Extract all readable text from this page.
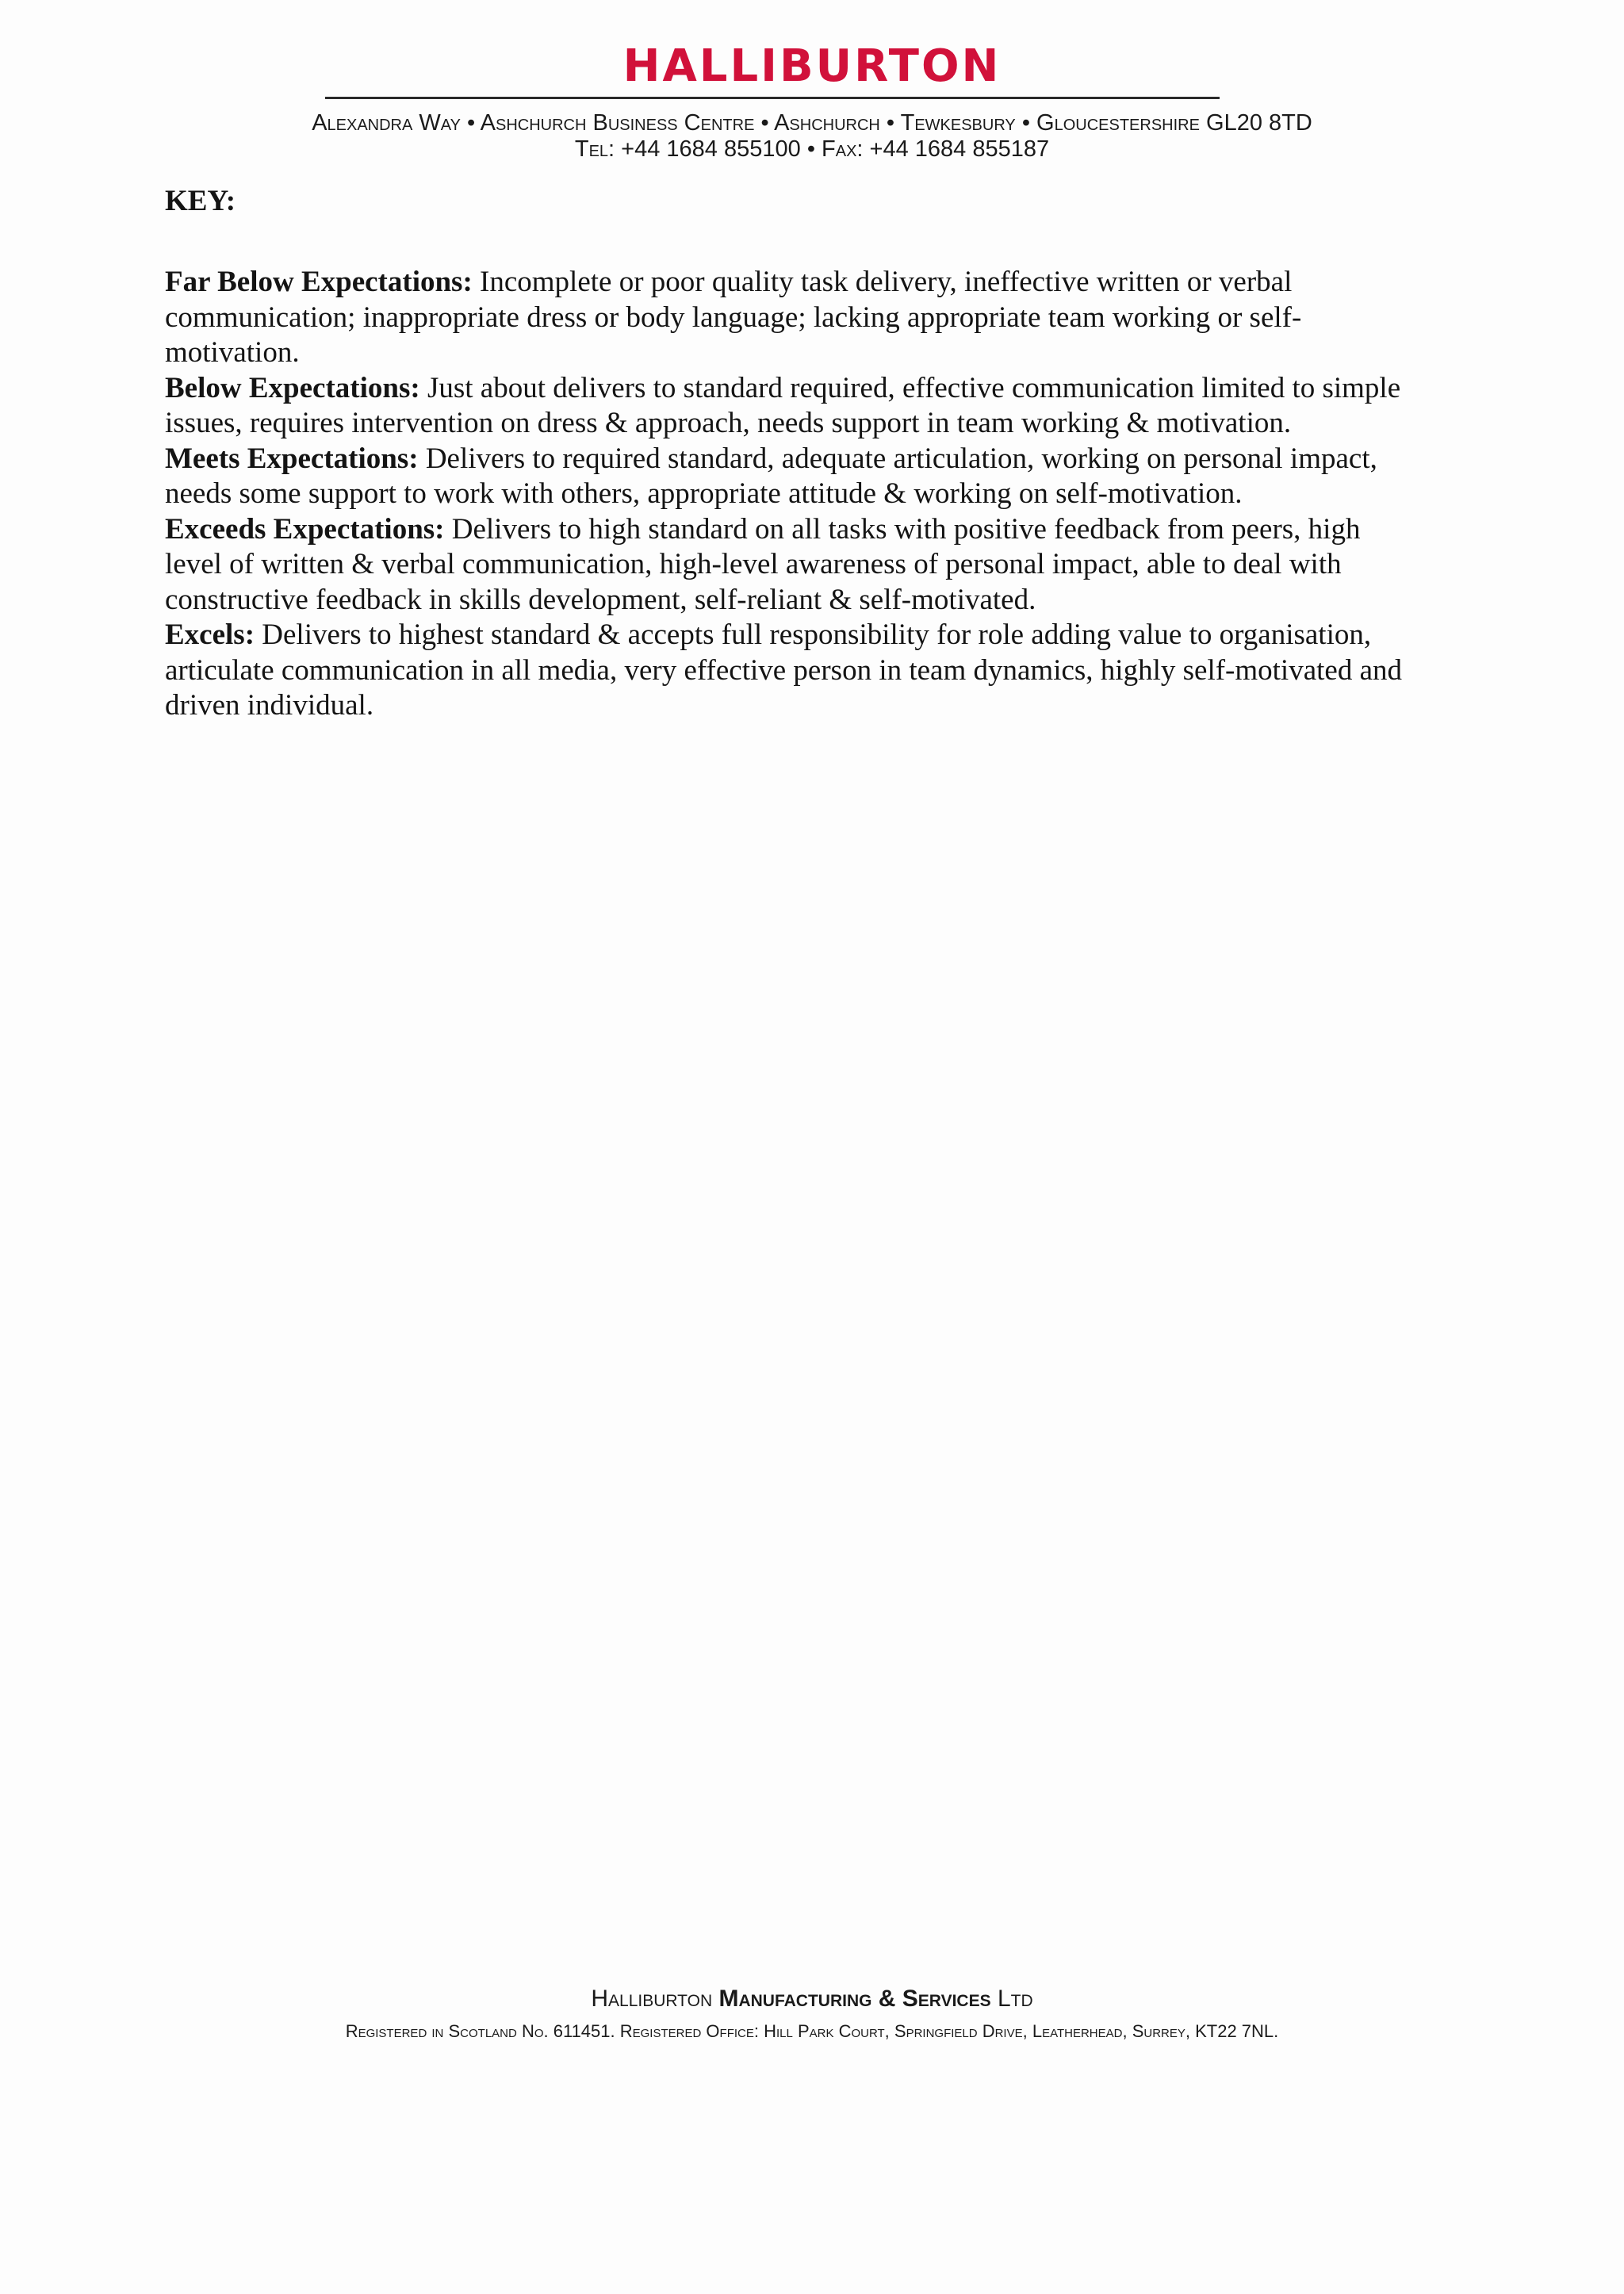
HALLIBURTON
Alexandra Way • Ashchurch Business Centre • Ashchurch • Tewkesbury • Gloucestershire GL20 8TD
Tel: +44 1684 855100 • Fax: +44 1684 855187

KEY:

Far Below Expectations: Incomplete or poor quality task delivery, ineffective written or verbal communication; inappropriate dress or body language; lacking appropriate team working or self-motivation.

Below Expectations: Just about delivers to standard required, effective communication limited to simple issues, requires intervention on dress & approach, needs support in team working & motivation.

Meets Expectations: Delivers to required standard, adequate articulation, working on personal impact, needs some support to work with others, appropriate attitude & working on self-motivation.

Exceeds Expectations: Delivers to high standard on all tasks with positive feedback from peers, high level of written & verbal communication, high-level awareness of personal impact, able to deal with constructive feedback in skills development, self-reliant & self-motivated.

Excels: Delivers to highest standard & accepts full responsibility for role adding value to organisation, articulate communication in all media, very effective person in team dynamics, highly self-motivated and driven individual.

Halliburton Manufacturing & Services Ltd
Registered in Scotland No. 611451. Registered Office: Hill Park Court, Springfield Drive, Leatherhead, Surrey, KT22 7NL.
